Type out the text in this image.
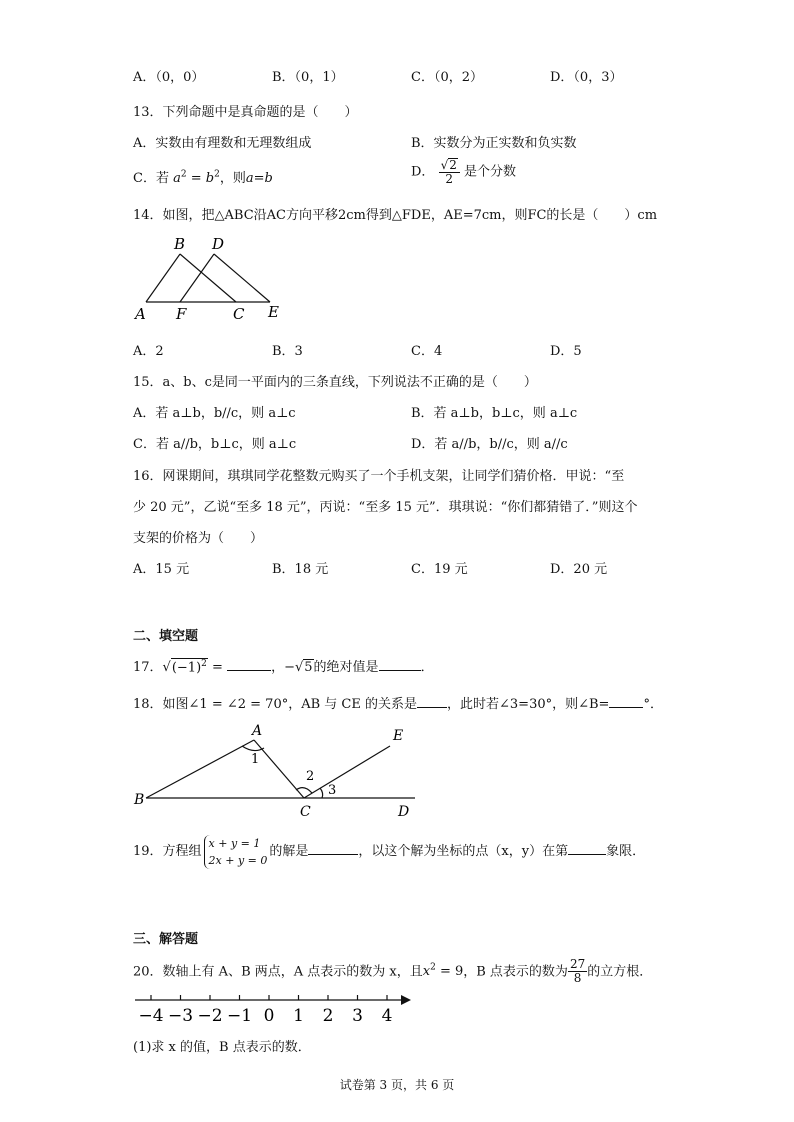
A．（0，0）	B．（0，1）	C．（0，2）	D．（0，3）
13．下列命题中是真命题的是（　　）
A．实数由有理数和无理数组成	B．实数分为正实数和负实数
C．若 $a^2 = b^2$，则a=b	D． $\frac{√2}{2}$ 是个分数
14．如图，把△ABC沿AC方向平移2cm得到△FDE，AE=7cm，则FC的长是（　　）cm
B D
A F	C E
A．2	B．3	C．4	D．5
15．a、b、c是同一平面内的三条直线，下列说法不正确的是（　　）
A．若 a⊥b，b//c，则 a⊥c	B．若 a⊥b，b⊥c，则 a⊥c
C．若 a//b，b⊥c，则 a⊥c	D．若 a//b，b//c，则 a//c
16．网课期间，琪琪同学花整数元购买了一个手机支架，让同学们猜价格．甲说：“至
少 20 元”，乙说“至多 18 元”，丙说：“至多 15 元”．琪琪说：“你们都猜错了．”则这个
支架的价格为（　　）
A．15 元	B．18 元	C．19 元	D．20 元
二、填空题
17．$√(-1)^2$ =	，−√5的绝对值是	．
18．如图∠1 = ∠2 = 70°，AB 与 CE 的关系是 ，此时若∠3=30°，则∠B=	°．
A	E
1
2
3
B
C	D
19．方程组
x + y = 1
2x + y = 0
的解是	，以这个解为坐标的点（x，y）在第	象限．
三、解答题
20．数轴上有 A、B 两点，A 点表示的数为 x，且$x^2 = 9$，B 点表示的数为 $\frac{27}{8}$ 的立方根．
−4 −3 −2 −1 0 1 2 3 4
(1)求 x 的值，B 点表示的数．
试卷第 3 页，共 6 页
